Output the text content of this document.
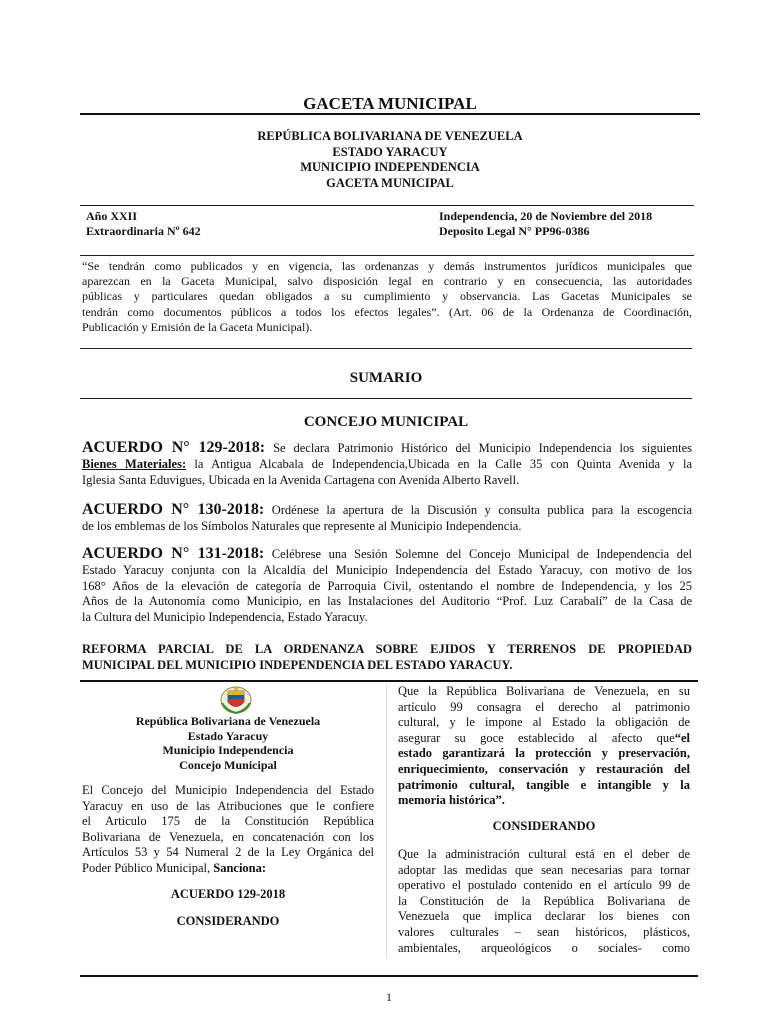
GACETA MUNICIPAL
REPÚBLICA BOLIVARIANA DE VENEZUELA
ESTADO YARACUY
MUNICIPIO INDEPENDENCIA
GACETA MUNICIPAL
Año XXII
Extraordinaria Nº 642
Independencia, 20 de Noviembre del 2018
Deposito Legal N° PP96-0386
“Se tendrán como publicados y en vigencia, las ordenanzas y demás instrumentos jurídicos municipales que
aparezcan en la Gaceta Municipal, salvo disposición legal en contrario y en consecuencia, las autoridades
públicas y particulares quedan obligados a su cumplimiento y observancia. Las Gacetas Municipales se
tendrán como documentos públicos a todos los efectos legales”. (Art. 06 de la Ordenanza de Coordinación,
Publicación y Emisión de la Gaceta Municipal).
SUMARIO
CONCEJO MUNICIPAL
ACUERDO N° 129-2018: Se declara Patrimonio Histórico del Municipio Independencia los siguientes
Bienes Materiales: la Antigua Alcabala de Independencia,Ubicada en la Calle 35 con Quinta Avenida y la
Iglesia Santa Eduvigues, Ubicada en la Avenida Cartagena con Avenida Alberto Ravell.
ACUERDO N° 130-2018: Ordénese la apertura de la Discusión y consulta publica para la escogencia
de los emblemas de los Símbolos Naturales que represente al Municipio Independencia.
ACUERDO N° 131-2018: Celébrese una Sesión Solemne del Concejo Municipal de Independencia del
Estado Yaracuy conjunta con la Alcaldía del Municipio Independencia del Estado Yaracuy, con motivo de los
168° Años de la elevación de categoría de Parroquia Civil, ostentando el nombre de Independencia, y los 25
Años de la Autonomía como Municipio, en las Instalaciones del Auditorio “Prof. Luz Carabalí” de la Casa de
la Cultura del Municipio Independencia, Estado Yaracuy.
REFORMA PARCIAL DE LA ORDENANZA SOBRE EJIDOS Y TERRENOS DE PROPIEDAD
MUNICIPAL DEL MUNICIPIO INDEPENDENCIA DEL ESTADO YARACUY.
República Bolivariana de Venezuela
Estado Yaracuy
Municipio Independencia
Concejo Municipal
El Concejo del Municipio Independencia del Estado
Yaracuy en uso de las Atribuciones que le confiere
el Articulo 175 de la Constitución República
Bolivariana de Venezuela, en concatenación con los
Artículos 53 y 54 Numeral 2 de la Ley Orgánica del
Poder Público Municipal, Sanciona:
ACUERDO 129-2018
CONSIDERANDO
Que la República Bolivariana de Venezuela, en su
artículo 99 consagra el derecho al patrimonio
cultural, y le impone al Estado la obligación de
asegurar su goce establecido al afecto que“el
estado garantizará la protección y preservación,
enriquecimiento, conservación y restauración del
patrimonio cultural, tangible e intangible y la
memoria histórica”.
CONSIDERANDO
Que la administración cultural está en el deber de
adoptar las medidas que sean necesarias para tornar
operativo el postulado contenido en el artículo 99 de
la Constitución de la República Bolivariana de
Venezuela que implica declarar los bienes con
valores culturales – sean históricos, plásticos,
ambientales, arqueológicos o sociales- como
1
